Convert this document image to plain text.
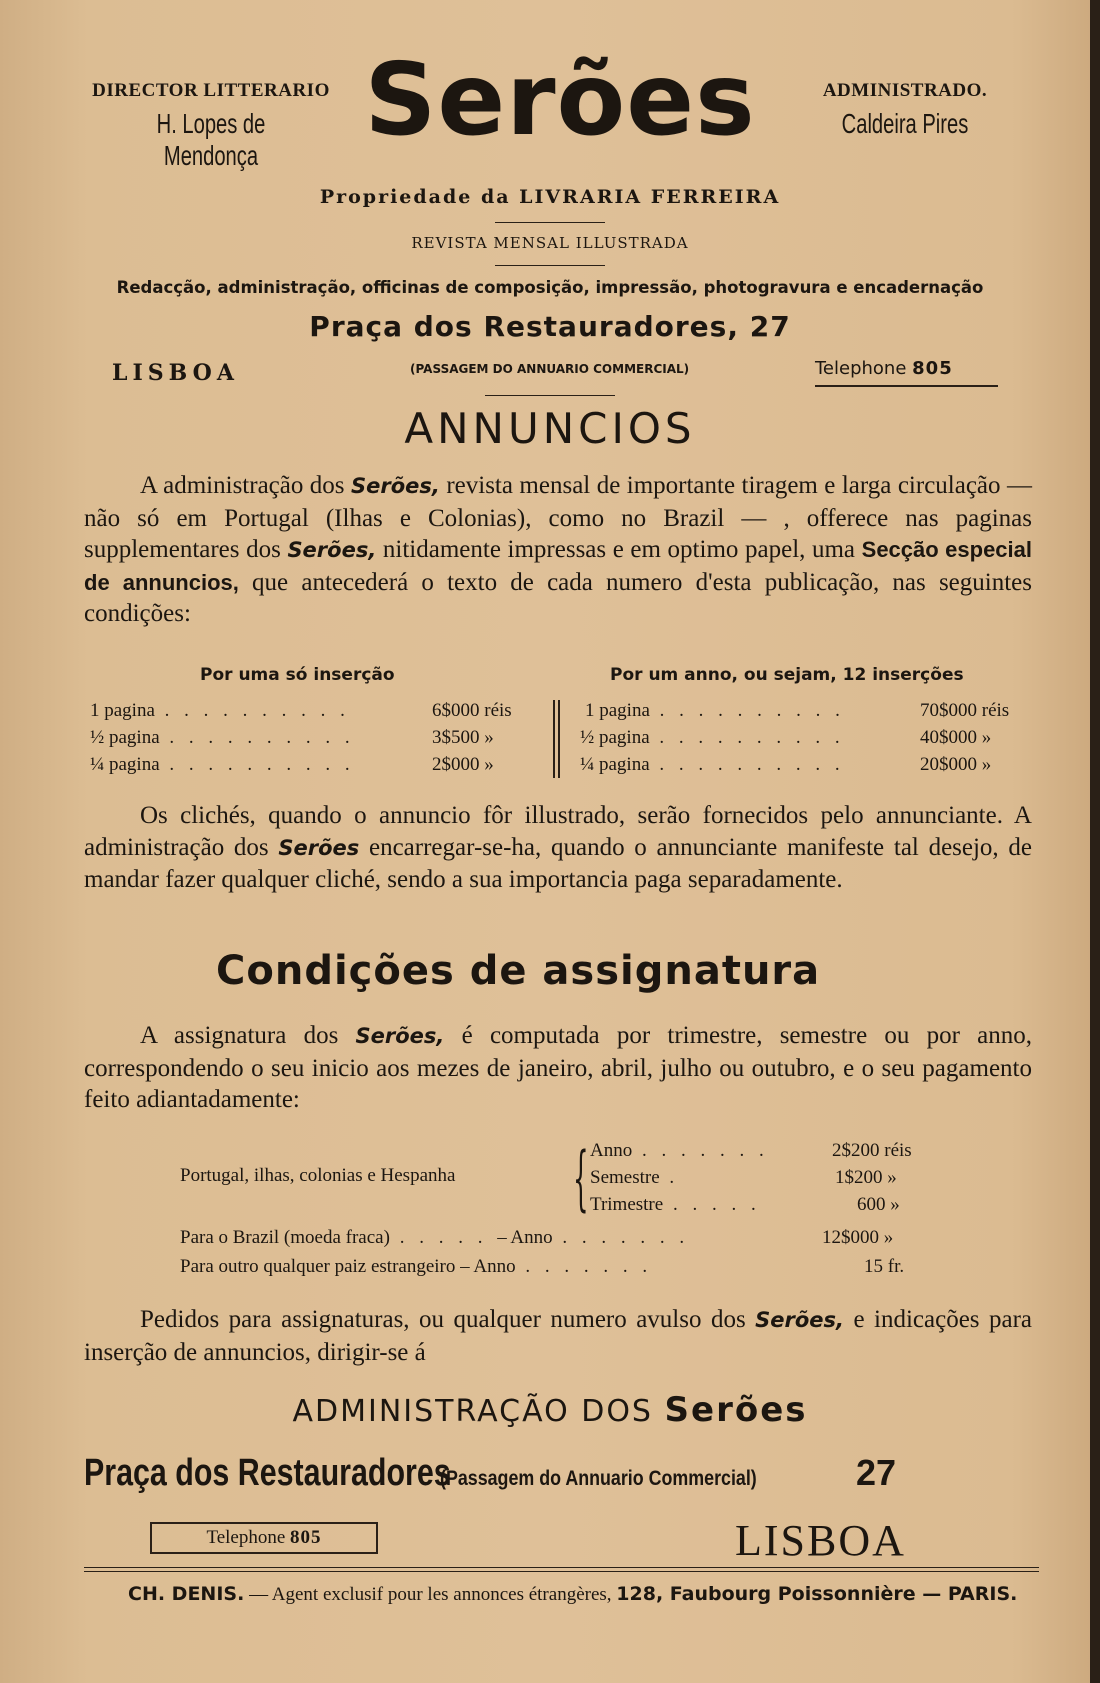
DIRECTOR LITTERARIO
H. Lopes de Mendonça	Serões	ADMINISTRADO.
Caldeira Pires
Propriedade da LIVRARIA FERREIRA
REVISTA MENSAL ILLUSTRADA
Redacção, administração, officinas de composição, impressão, photogravura e encadernação
Praça dos Restauradores, 27
LISBOA	(PASSAGEM DO ANNUARIO COMMERCIAL)	Telephone 805
ANNUNCIOS
A administração dos Serões, revista mensal de importante tiragem e larga circulação — não só em Portugal (Ilhas e Colonias), como no Brazil — , offerece nas paginas supplementares dos Serões, nitidamente impressas e em optimo papel, uma Secção especial de annuncios, que antecederá o texto de cada numero d'esta publicação, nas seguintes condições:
Por uma só inserção	Por um anno, ou sejam, 12 inserções
1 pagina . . . . . . . . . .	6$000 réis
½ pagina . . . . . . . . . .	3$500 »
¼ pagina . . . . . . . . . .	2$000 »
1 pagina . . . . . . . . . .	70$000 réis
½ pagina . . . . . . . . . .	40$000 »
¼ pagina . . . . . . . . . .	20$000 »
Os clichés, quando o annuncio fôr illustrado, serão fornecidos pelo annunciante. A administração dos Serões encarregar-se-ha, quando o annunciante manifeste tal desejo, de mandar fazer qualquer cliché, sendo a sua importancia paga separadamente.
Condições de assignatura
A assignatura dos Serões, é computada por trimestre, semestre ou por anno, correspondendo o seu inicio aos mezes de janeiro, abril, julho ou outubro, e o seu pagamento feito adiantadamente:
Portugal, ilhas, colonias e Hespanha { Anno . . . . . . .	2$200 réis
Semestre .	1$200 »
Trimestre . . . . .	600 »
Para o Brazil (moeda fraca) . . . . . – Anno . . . . . . .	12$000 »
Para outro qualquer paiz estrangeiro – Anno . . . . . . .	15 fr.
Pedidos para assignaturas, ou qualquer numero avulso dos Serões, e indicações para inserção de annuncios, dirigir-se á
ADMINISTRAÇÃO DOS Serões
Praça dos Restauradores (Passagem do Annuario Commercial)	27
Telephone 805	LISBOA
CH. DENIS. — Agent exclusif pour les annonces étrangères, 128, Faubourg Poissonnière — PARIS.
